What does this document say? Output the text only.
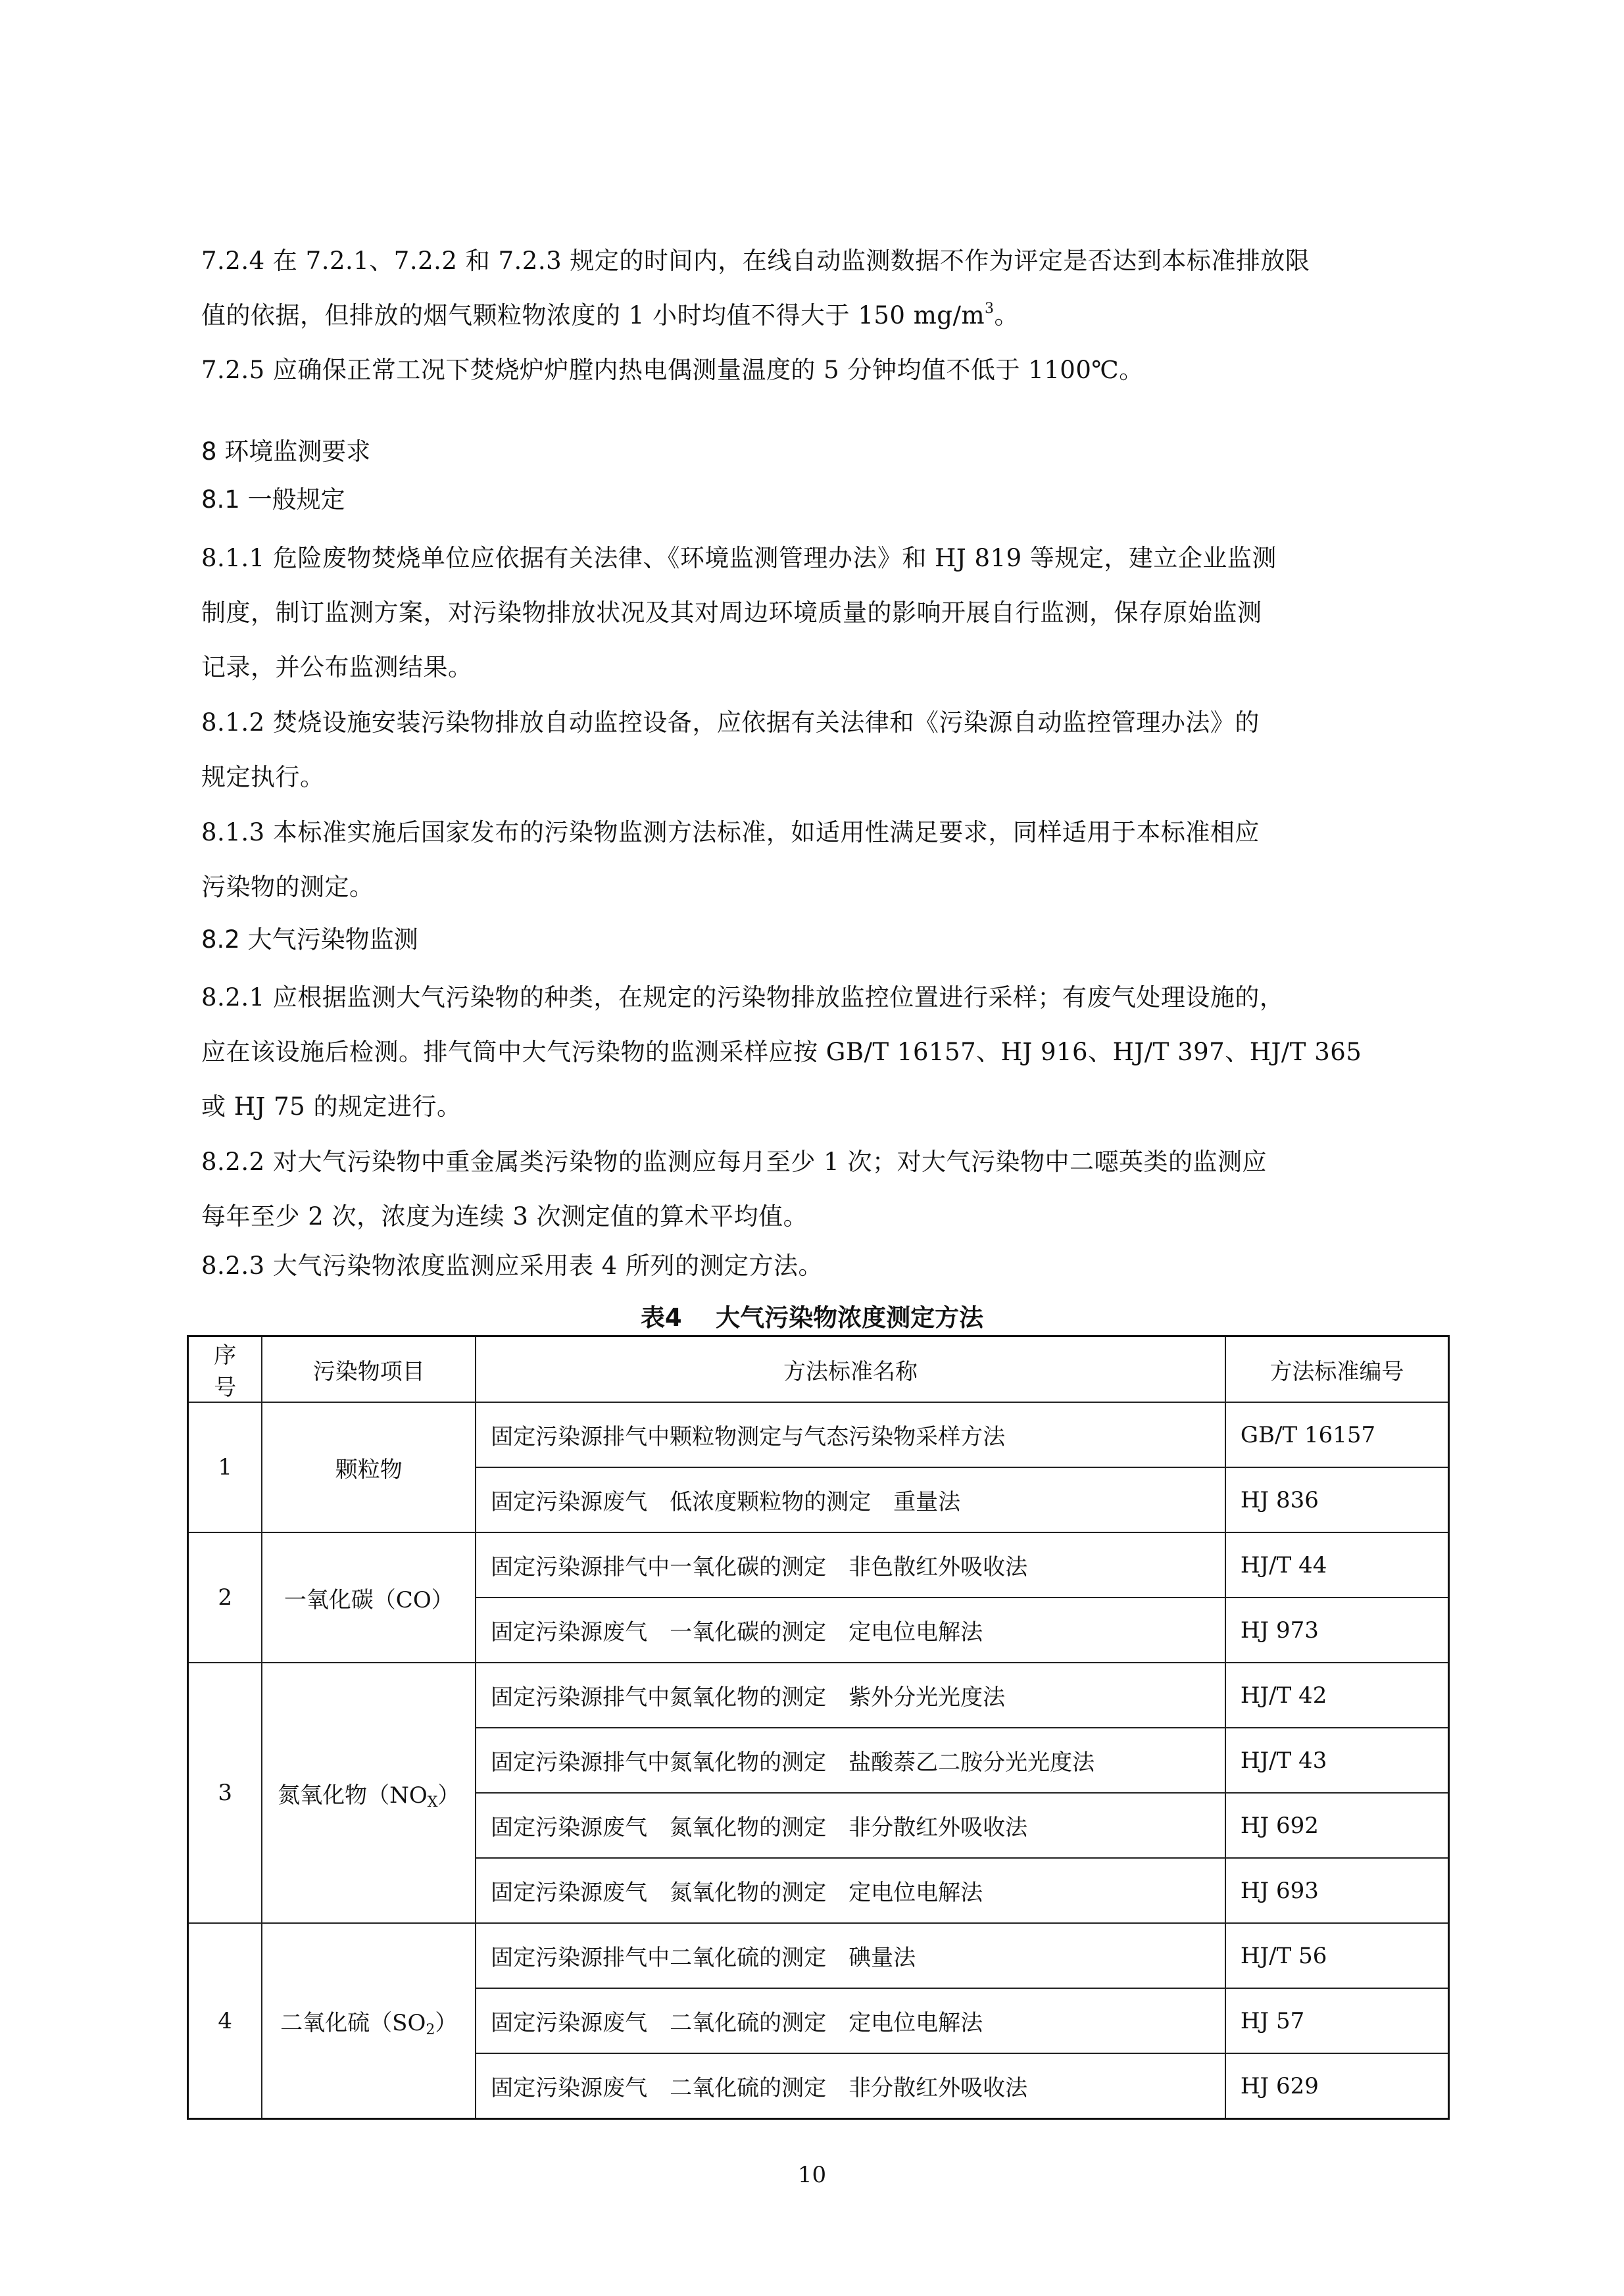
7.2.4 在 7.2.1、7.2.2 和 7.2.3 规定的时间内，在线自动监测数据不作为评定是否达到本标准排放限
值的依据，但排放的烟气颗粒物浓度的 1 小时均值不得大于 150 $mg/m^3$。

7.2.5 应确保正常工况下焚烧炉炉膛内热电偶测量温度的 5 分钟均值不低于 1100℃。

8 环境监测要求

8.1 一般规定

8.1.1 危险废物焚烧单位应依据有关法律、《环境监测管理办法》和 HJ 819 等规定，建立企业监测
制度，制订监测方案，对污染物排放状况及其对周边环境质量的影响开展自行监测，保存原始监测
记录，并公布监测结果。

8.1.2 焚烧设施安装污染物排放自动监控设备，应依据有关法律和《污染源自动监控管理办法》的
规定执行。

8.1.3 本标准实施后国家发布的污染物监测方法标准，如适用性满足要求，同样适用于本标准相应
污染物的测定。

8.2 大气污染物监测

8.2.1 应根据监测大气污染物的种类，在规定的污染物排放监控位置进行采样；有废气处理设施的，
应在该设施后检测。排气筒中大气污染物的监测采样应按 GB/T 16157、HJ 916、HJ/T 397、HJ/T 365
或 HJ 75 的规定进行。

8.2.2 对大气污染物中重金属类污染物的监测应每月至少 1 次；对大气污染物中二噁英类的监测应
每年至少 2 次，浓度为连续 3 次测定值的算术平均值。

8.2.3 大气污染物浓度监测应采用表 4 所列的测定方法。

表4 大气污染物浓度测定方法

序号	污染物项目	方法标准名称	方法标准编号
1	颗粒物	固定污染源排气中颗粒物测定与气态污染物采样方法	GB/T 16157
		固定污染源废气　低浓度颗粒物的测定　重量法	HJ 836
2	一氧化碳（CO）	固定污染源排气中一氧化碳的测定　非色散红外吸收法	HJ/T 44
		固定污染源废气　一氧化碳的测定　定电位电解法	HJ 973
3	氮氧化物$(NO_X)$	固定污染源排气中氮氧化物的测定　紫外分光光度法	HJ/T 42
		固定污染源排气中氮氧化物的测定　盐酸萘乙二胺分光光度法	HJ/T 43
		固定污染源废气　氮氧化物的测定　非分散红外吸收法	HJ 692
		固定污染源废气　氮氧化物的测定　定电位电解法	HJ 693
4	二氧化硫$(SO_2)$	固定污染源排气中二氧化硫的测定　碘量法	HJ/T 56
		固定污染源废气　二氧化硫的测定　定电位电解法	HJ 57
		固定污染源废气　二氧化硫的测定　非分散红外吸收法	HJ 629
10
